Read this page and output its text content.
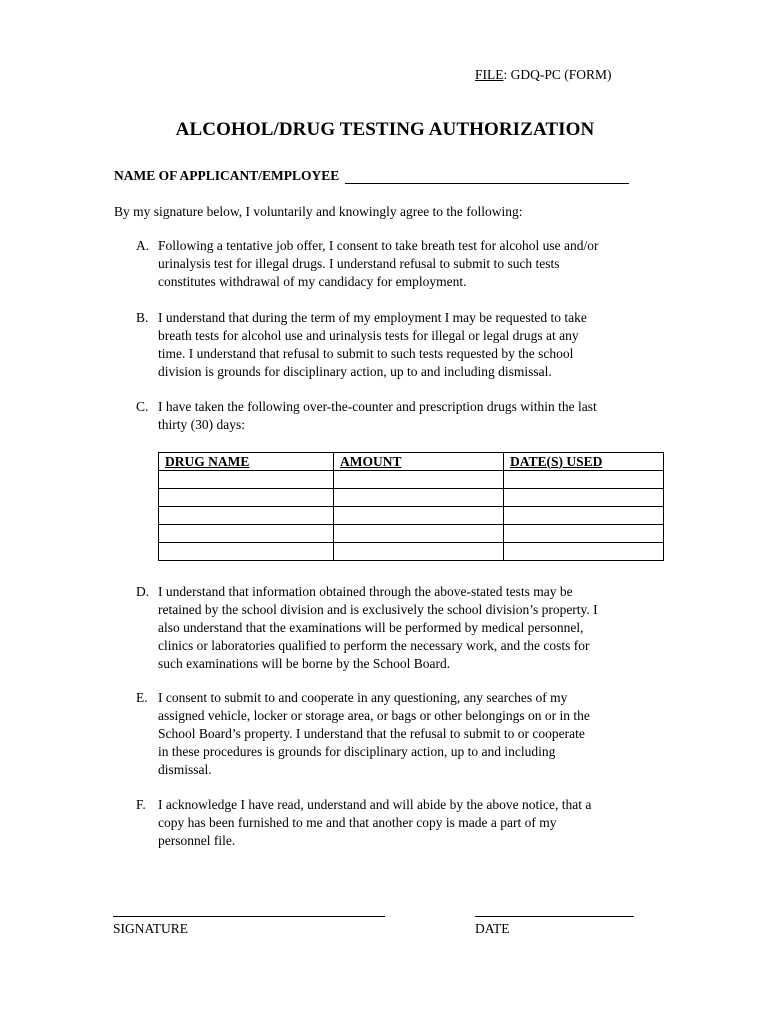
FILE: GDQ-PC (FORM)
ALCOHOL/DRUG TESTING AUTHORIZATION
NAME OF APPLICANT/EMPLOYEE
By my signature below, I voluntarily and knowingly agree to the following:
A. Following a tentative job offer, I consent to take breath test for alcohol use and/or
urinalysis test for illegal drugs. I understand refusal to submit to such tests
constitutes withdrawal of my candidacy for employment.
B. I understand that during the term of my employment I may be requested to take
breath tests for alcohol use and urinalysis tests for illegal or legal drugs at any
time. I understand that refusal to submit to such tests requested by the school
division is grounds for disciplinary action, up to and including dismissal.
C. I have taken the following over-the-counter and prescription drugs within the last
thirty (30) days:
DRUG NAME	AMOUNT	DATE(S) USED

D. I understand that information obtained through the above-stated tests may be
retained by the school division and is exclusively the school division’s property. I
also understand that the examinations will be performed by medical personnel,
clinics or laboratories qualified to perform the necessary work, and the costs for
such examinations will be borne by the School Board.
E. I consent to submit to and cooperate in any questioning, any searches of my
assigned vehicle, locker or storage area, or bags or other belongings on or in the
School Board’s property. I understand that the refusal to submit to or cooperate
in these procedures is grounds for disciplinary action, up to and including
dismissal.
F. I acknowledge I have read, understand and will abide by the above notice, that a
copy has been furnished to me and that another copy is made a part of my
personnel file.
SIGNATURE	DATE
